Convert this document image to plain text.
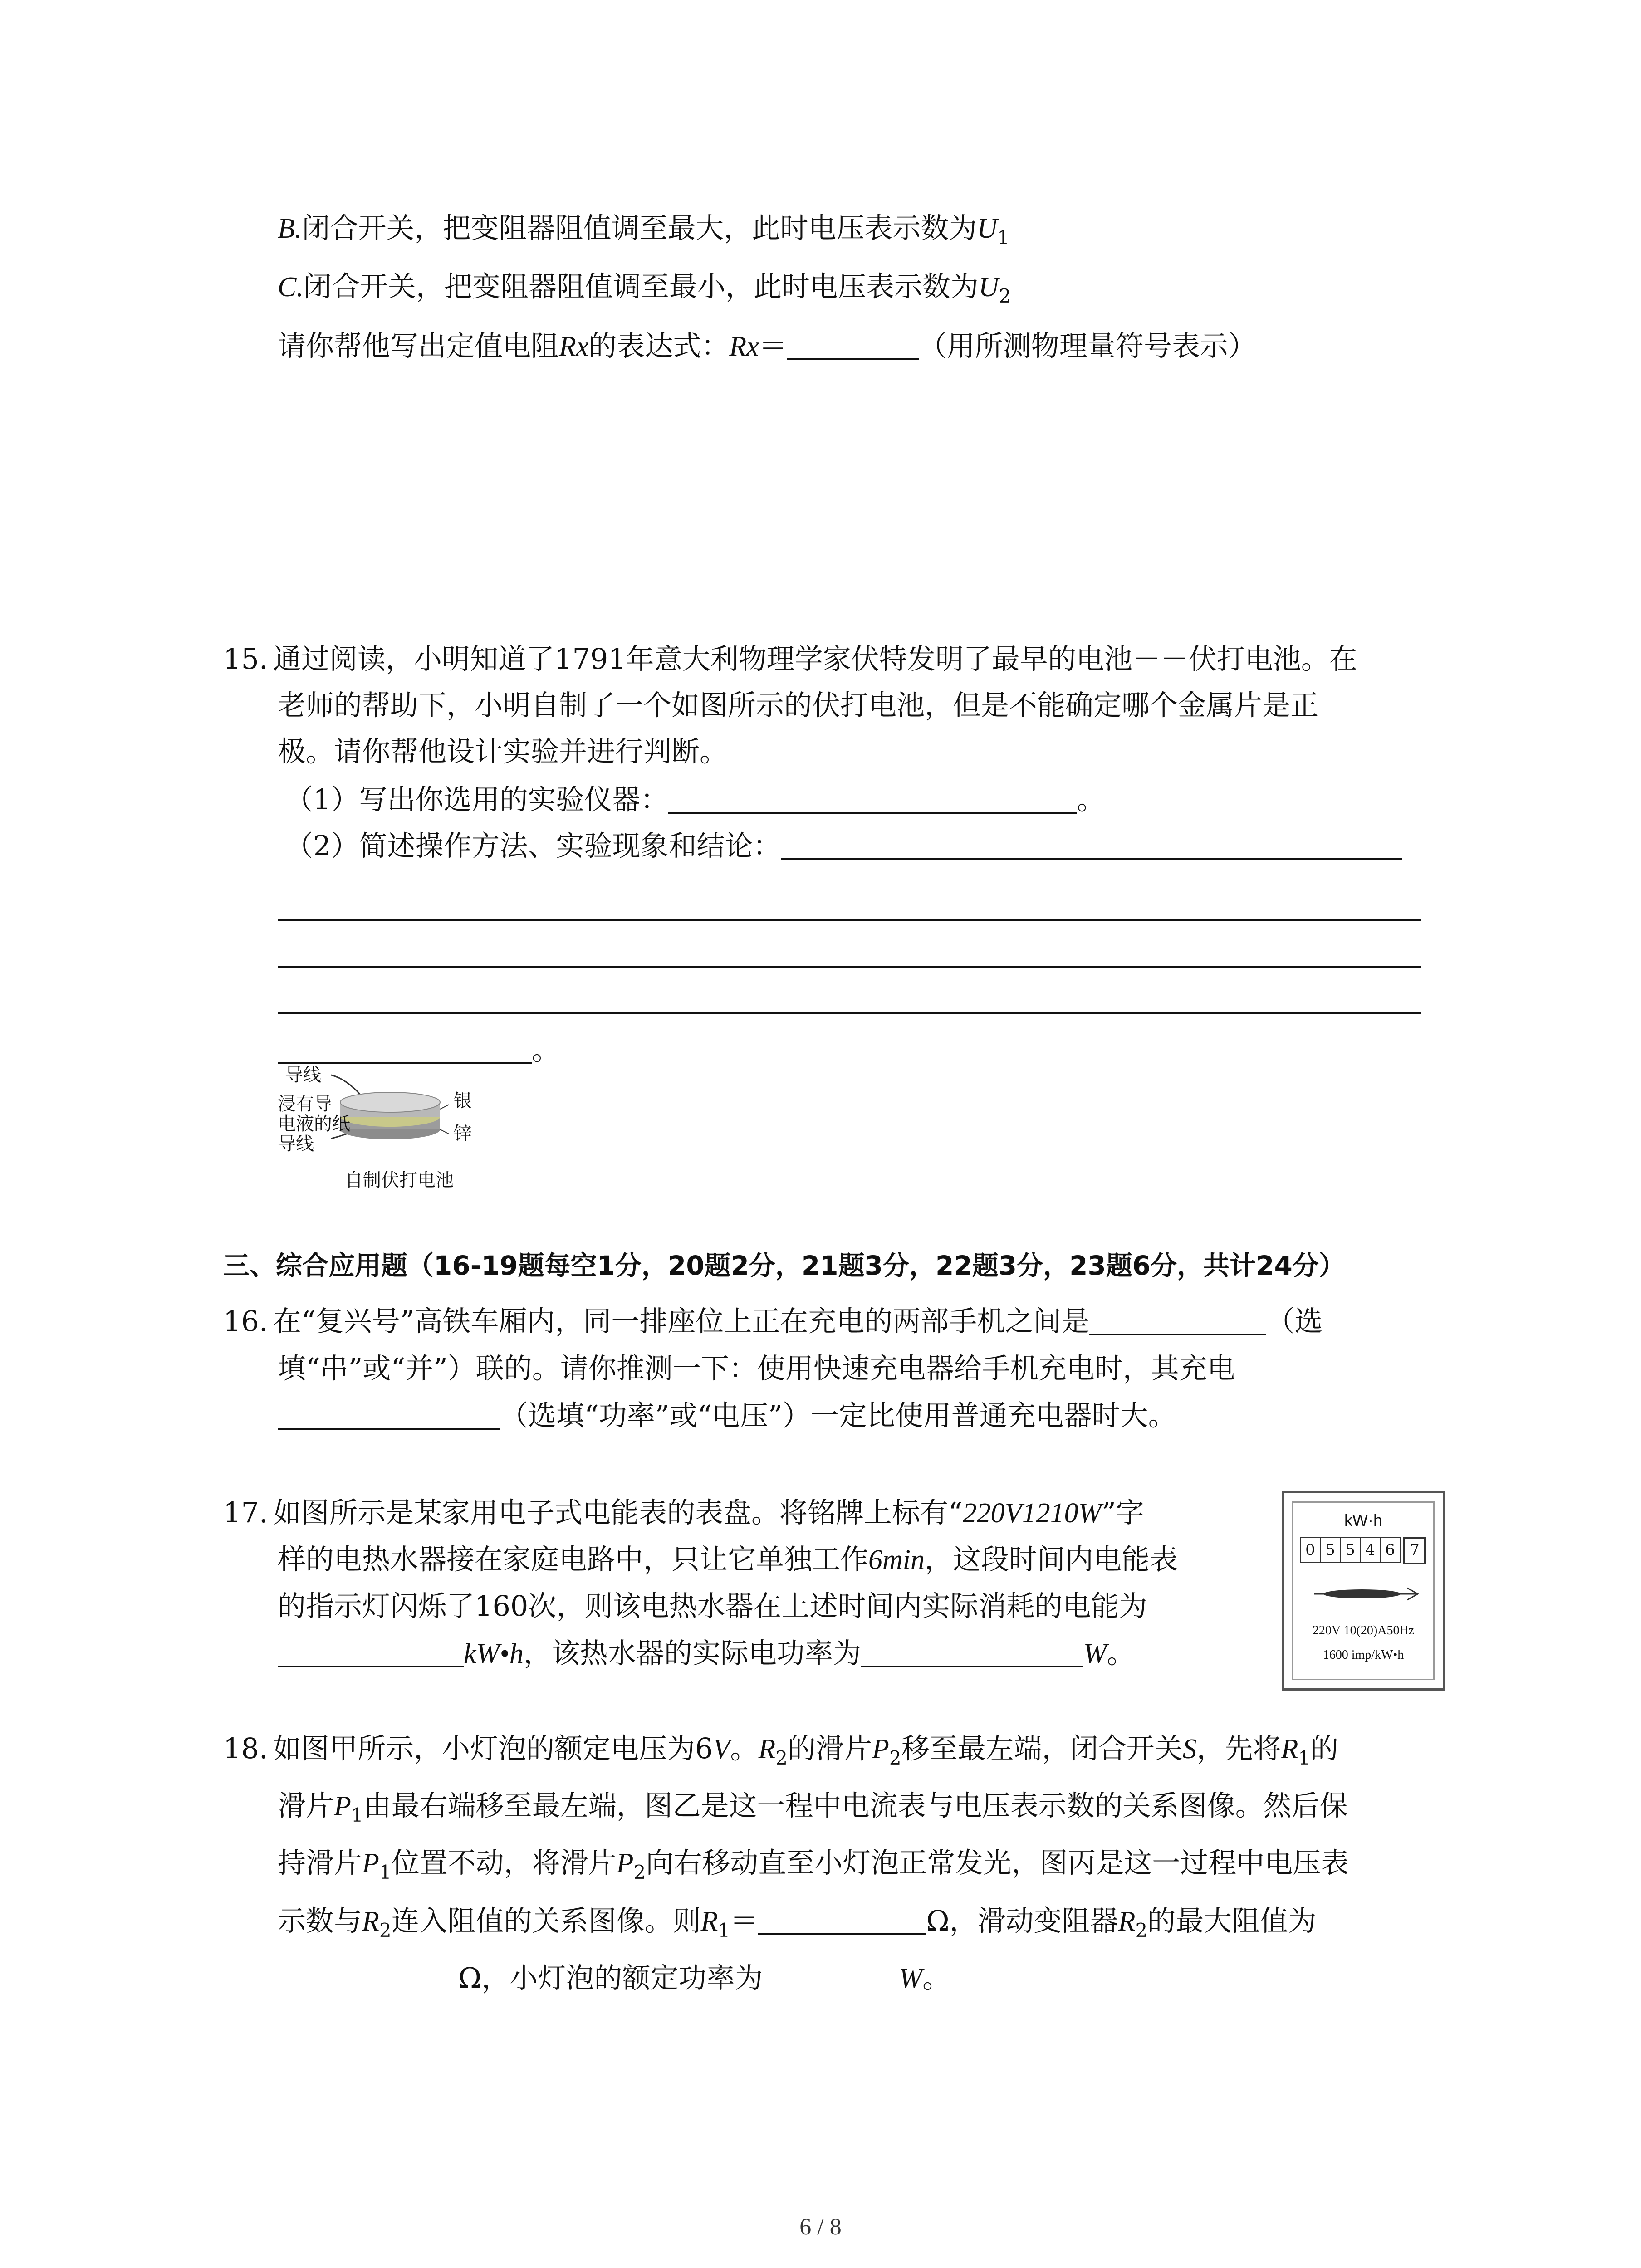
B.闭合开关，把变阻器阻值调至最大，此时电压表示数为$U_1$
C.闭合开关，把变阻器阻值调至最小，此时电压表示数为$U_2$
请你帮他写出定值电阻Rx的表达式：Rx＝	（用所测物理量符号表示）
15. 通过阅读，小明知道了1791年意大利物理学家伏特发明了最早的电池－－伏打电池。在
老师的帮助下，小明自制了一个如图所示的伏打电池，但是不能确定哪个金属片是正
极。请你帮他设计实验并进行判断。
（1）写出你选用的实验仪器：	。
（2）简述操作方法、实验现象和结论：
。
导线
浸有导
电液的纸
导线
银
锌
自制伏打电池
三、综合应用题（16-19题每空1分，20题2分，21题3分，22题3分，23题6分，共计24分）
16. 在“复兴号”高铁车厢内，同一排座位上正在充电的两部手机之间是	（选
填“串”或“并”）联的。请你推测一下：使用快速充电器给手机充电时，其充电
（选填“功率”或“电压”）一定比使用普通充电器时大。
17. 如图所示是某家用电子式电能表的表盘。将铭牌上标有“220V1210W”字
样的电热水器接在家庭电路中，只让它单独工作6min，这段时间内电能表
的指示灯闪烁了160次，则该电热水器在上述时间内实际消耗的电能为
kW•h，该热水器的实际电功率为	W。
kW·h
0 5 5 4 6 7
220V 10(20)A50Hz
1600 imp/kW•h
18. 如图甲所示，小灯泡的额定电压为6V。$R_2$的滑片$P_2$移至最左端，闭合开关S，先将$R_1$的
滑片$P_1$由最右端移至最左端，图乙是这一程中电流表与电压表示数的关系图像。然后保
持滑片$P_1$位置不动，将滑片$P_2$向右移动直至小灯泡正常发光，图丙是这一过程中电压表
示数与$R_2$连入阻值的关系图像。则$R_1=$	Ω，滑动变阻器$R_2$的最大阻值为
Ω，小灯泡的额定功率为	W。
6 / 8
